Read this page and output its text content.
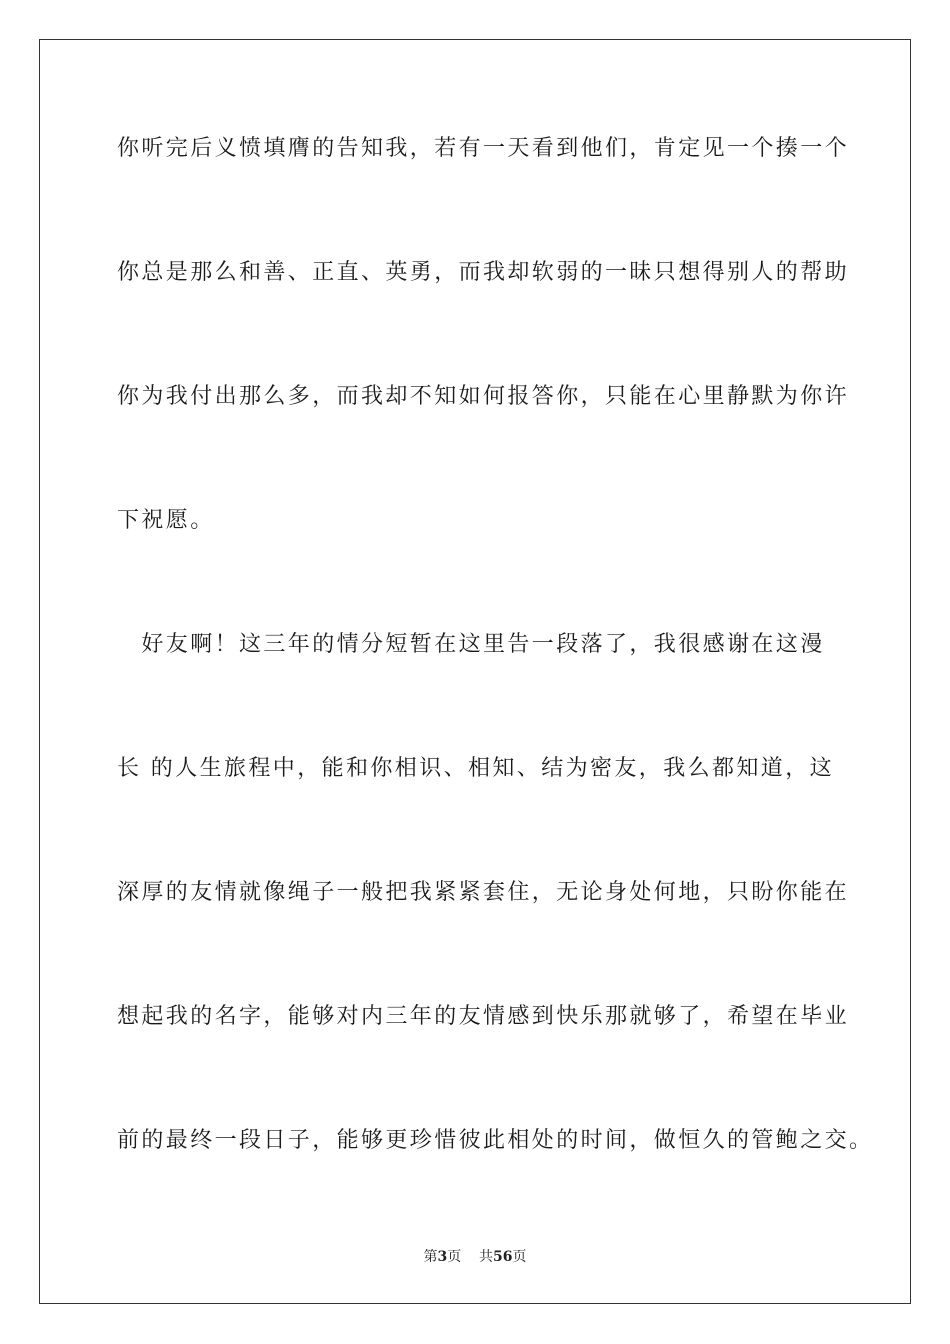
你听完后义愤填膺的告知我，若有一天看到他们，肯定见一个揍一个
你总是那么和善、正直、英勇，而我却软弱的一昧只想得别人的帮助
你为我付出那么多，而我却不知如何报答你，只能在心里静默为你许
下祝愿。
　好友啊！这三年的情分短暂在这里告一段落了，我很感谢在这漫
长 的人生旅程中，能和你相识、相知、结为密友，我么都知道，这
深厚的友情就像绳子一般把我紧紧套住，无论身处何地，只盼你能在
想起我的名字，能够对内三年的友情感到快乐那就够了，希望在毕业
前的最终一段日子，能够更珍惜彼此相处的时间，做恒久的管鲍之交。
第3页 共56页
